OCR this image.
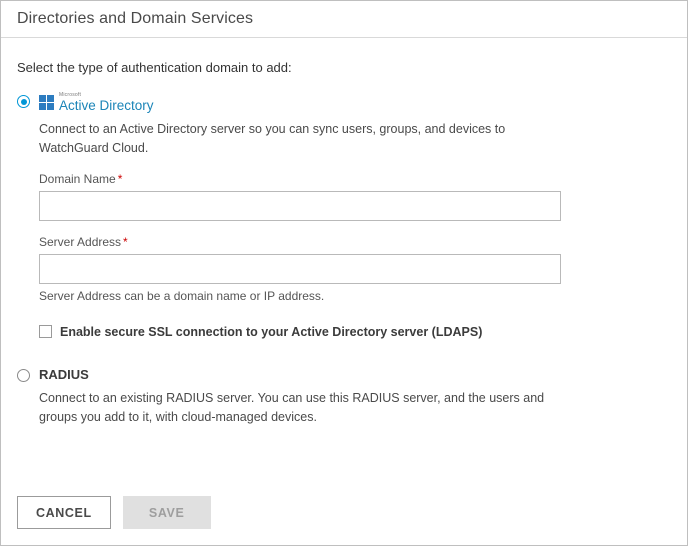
Directories and Domain Services
Select the type of authentication domain to add:
Microsoft
Active Directory
Connect to an Active Directory server so you can sync users, groups, and devices to WatchGuard Cloud.
Domain Name *
Server Address *
Server Address can be a domain name or IP address.
Enable secure SSL connection to your Active Directory server (LDAPS)
RADIUS
Connect to an existing RADIUS server. You can use this RADIUS server, and the users and groups you add to it, with cloud-managed devices.
CANCEL	SAVE
